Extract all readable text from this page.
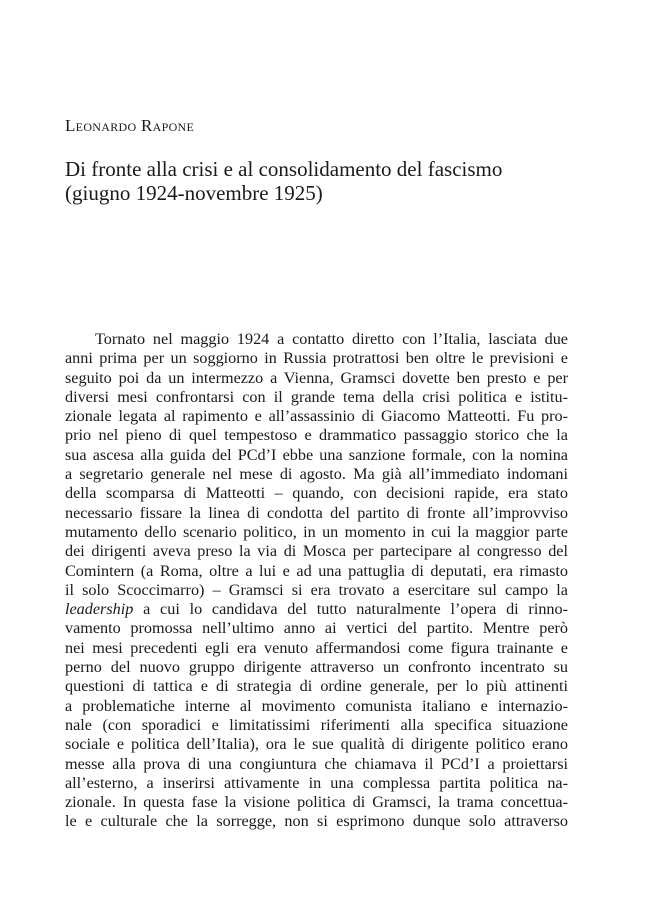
Leonardo Rapone
Di fronte alla crisi e al consolidamento del fascismo
(giugno 1924-novembre 1925)
Tornato nel maggio 1924 a contatto diretto con l’Italia, lasciata due
anni prima per un soggiorno in Russia protrattosi ben oltre le previsioni e
seguito poi da un intermezzo a Vienna, Gramsci dovette ben presto e per
diversi mesi confrontarsi con il grande tema della crisi politica e istitu-
zionale legata al rapimento e all’assassinio di Giacomo Matteotti. Fu pro-
prio nel pieno di quel tempestoso e drammatico passaggio storico che la
sua ascesa alla guida del PCd’I ebbe una sanzione formale, con la nomina
a segretario generale nel mese di agosto. Ma già all’immediato indomani
della scomparsa di Matteotti – quando, con decisioni rapide, era stato
necessario fissare la linea di condotta del partito di fronte all’improvviso
mutamento dello scenario politico, in un momento in cui la maggior parte
dei dirigenti aveva preso la via di Mosca per partecipare al congresso del
Comintern (a Roma, oltre a lui e ad una pattuglia di deputati, era rimasto
il solo Scoccimarro) – Gramsci si era trovato a esercitare sul campo la
leadership a cui lo candidava del tutto naturalmente l’opera di rinno-
vamento promossa nell’ultimo anno ai vertici del partito. Mentre però
nei mesi precedenti egli era venuto affermandosi come figura trainante e
perno del nuovo gruppo dirigente attraverso un confronto incentrato su
questioni di tattica e di strategia di ordine generale, per lo più attinenti
a problematiche interne al movimento comunista italiano e internazio-
nale (con sporadici e limitatissimi riferimenti alla specifica situazione
sociale e politica dell’Italia), ora le sue qualità di dirigente politico erano
messe alla prova di una congiuntura che chiamava il PCd’I a proiettarsi
all’esterno, a inserirsi attivamente in una complessa partita politica na-
zionale. In questa fase la visione politica di Gramsci, la trama concettua-
le e culturale che la sorregge, non si esprimono dunque solo attraverso
